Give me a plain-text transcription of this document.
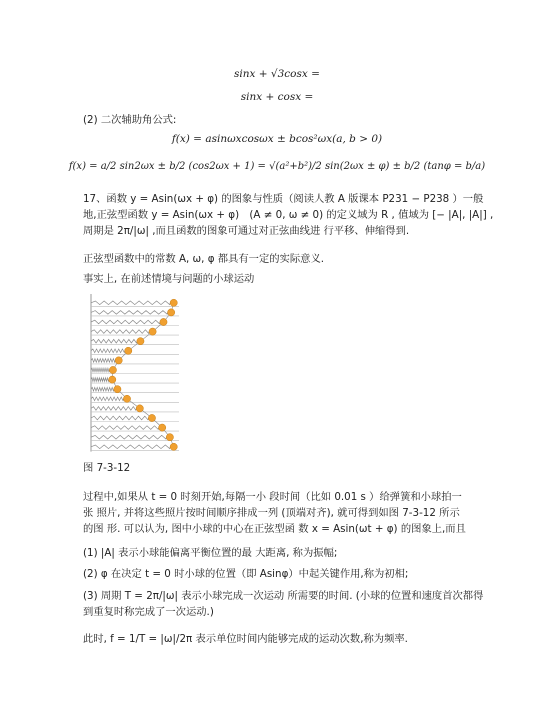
sinx + √3cosx =
sinx + cosx =
(2) 二次辅助角公式:
f(x) = asinωxcosωx ± bcos²ωx(a, b > 0)
f(x) = a/2 sin2ωx ± b/2 (cos2ωx + 1) = √(a²+b²)/2 sin(2ωx ± φ) ± b/2 (tanφ = b/a)
17、函数 y = Asin(ωx + φ) 的图象与性质（阅读人教 A 版课本 P231 − P238 ）一般
地,正弦型函数 y = Asin(ωx + φ)　(A ≠ 0, ω ≠ 0) 的定义域为 R , 值域为 [− |A|, |A|] ,
周期是 2π/|ω| ,而且函数的图象可通过对正弦曲线进 行平移、伸缩得到.
正弦型函数中的常数 A, ω, φ 都具有一定的实际意义.
事实上, 在前述情境与问题的小球运动
图 7-3-12
过程中,如果从 t = 0 时刻开始,每隔一小 段时间（比如 0.01 s ）给弹簧和小球拍一
张 照片, 并将这些照片按时间顺序排成一列 (顶端对齐), 就可得到如图 7-3-12 所示
的图 形. 可以认为, 图中小球的中心在正弦型函 数 x = Asin(ωt + φ) 的图象上,而且
(1) |A| 表示小球能偏离平衡位置的最 大距离, 称为振幅;
(2) φ 在决定 t = 0 时小球的位置（即 Asinφ）中起关键作用,称为初相;
(3) 周期 T = 2π/|ω| 表示小球完成一次运动 所需要的时间. (小球的位置和速度首次都得
到重复时称完成了一次运动.)
此时, f = 1/T = |ω|/2π 表示单位时间内能够完成的运动次数,称为频率.
